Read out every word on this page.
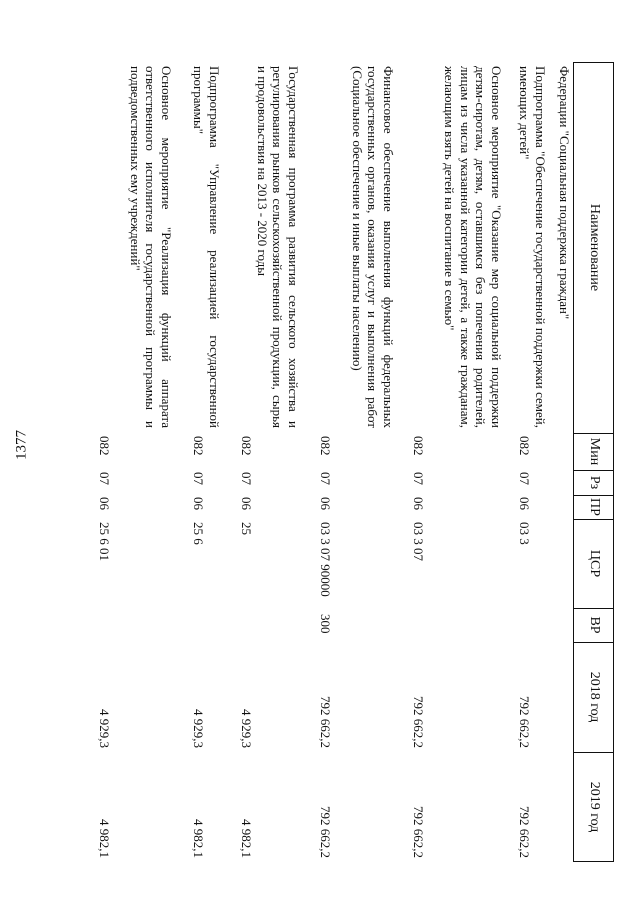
1377
Наименование
Мин
Рз
ПР
ЦСР
ВР
2018 год
2019 год
Федерации "Социальная поддержка граждан"
Подпрограмма "Обеспечение государственной поддержки семей, имеющих детей"
082
07
06
03 3
792 662,2
792 662,2
Основное мероприятие "Оказание мер социальной поддержки детям-сиротам, детям, оставшимся без попечения родителей, лицам из числа указанной категории детей, а также гражданам, желающим взять детей на воспитание в семью"
082
07
06
03 3 07
792 662,2
792 662,2
Финансовое обеспечение выполнения функций федеральных государственных органов, оказания услуг и выполнения работ (Социальное обеспечение и иные выплаты населению)
082
07
06
03 3 07 90000
300
792 662,2
792 662,2
Государственная программа развития сельского хозяйства и регулирования рынков сельскохозяйственной продукции, сырья и продовольствия на 2013 - 2020 годы
082
07
06
25
4 929,3
4 982,1
Подпрограмма "Управление реализацией государственной программы"
082
07
06
25 6
4 929,3
4 982,1
Основное мероприятие "Реализация функций аппарата ответственного исполнителя государственной программы и подведомственных ему учреждений"
082
07
06
25 6 01
4 929,3
4 982,1
